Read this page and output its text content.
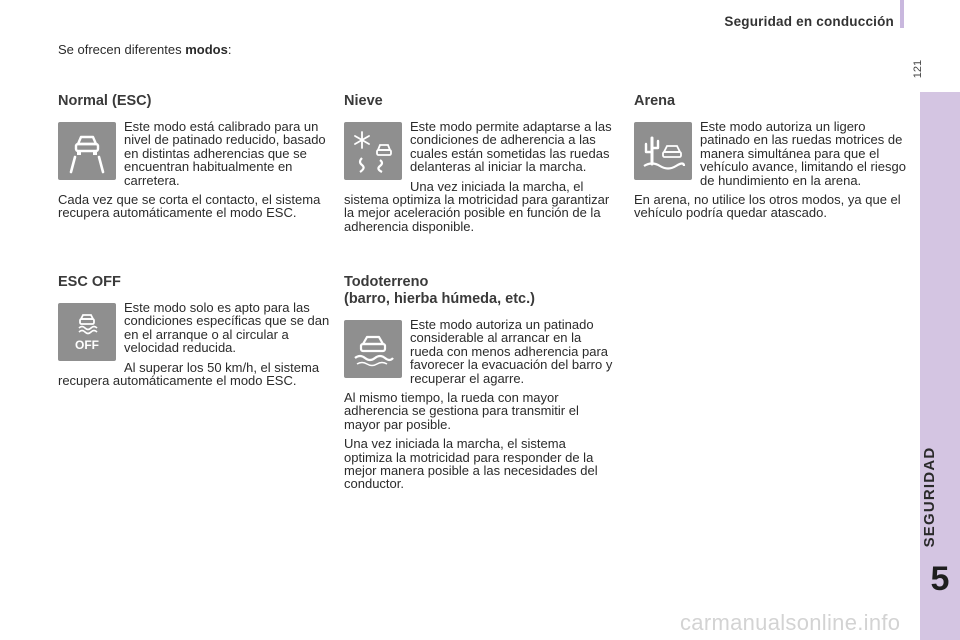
Seguridad en conducción
121
SEGURIDAD
5
Se ofrecen diferentes modos:
Normal (ESC)

Este modo está calibrado para un nivel de patinado reducido, basado en distintas adherencias que se encuentran habitualmente en carretera.

Cada vez que se corta el contacto, el sistema recupera automáticamente el modo ESC.

ESC OFF
OFF

Este modo solo es apto para las condiciones específicas que se dan en el arranque o al circular a velocidad reducida.

Al superar los 50 km/h, el sistema recupera automáticamente el modo ESC.

Nieve

Este modo permite adaptarse a las condiciones de adherencia a las cuales están sometidas las ruedas delanteras al iniciar la marcha.

Una vez iniciada la marcha, el sistema optimiza la motricidad para garantizar la mejor aceleración posible en función de la adherencia disponible.

Todoterreno
(barro, hierba húmeda, etc.)

Este modo autoriza un patinado considerable al arrancar en la rueda con menos adherencia para favorecer la evacuación del barro y recuperar el agarre.

Al mismo tiempo, la rueda con mayor adherencia se gestiona para transmitir el mayor par posible.

Una vez iniciada la marcha, el sistema optimiza la motricidad para responder de la mejor manera posible a las necesidades del conductor.

Arena

Este modo autoriza un ligero patinado en las ruedas motrices de manera simultánea para que el vehículo avance, limitando el riesgo de hundimiento en la arena.

En arena, no utilice los otros modos, ya que el vehículo podría quedar atascado.

carmanualsonline.info
